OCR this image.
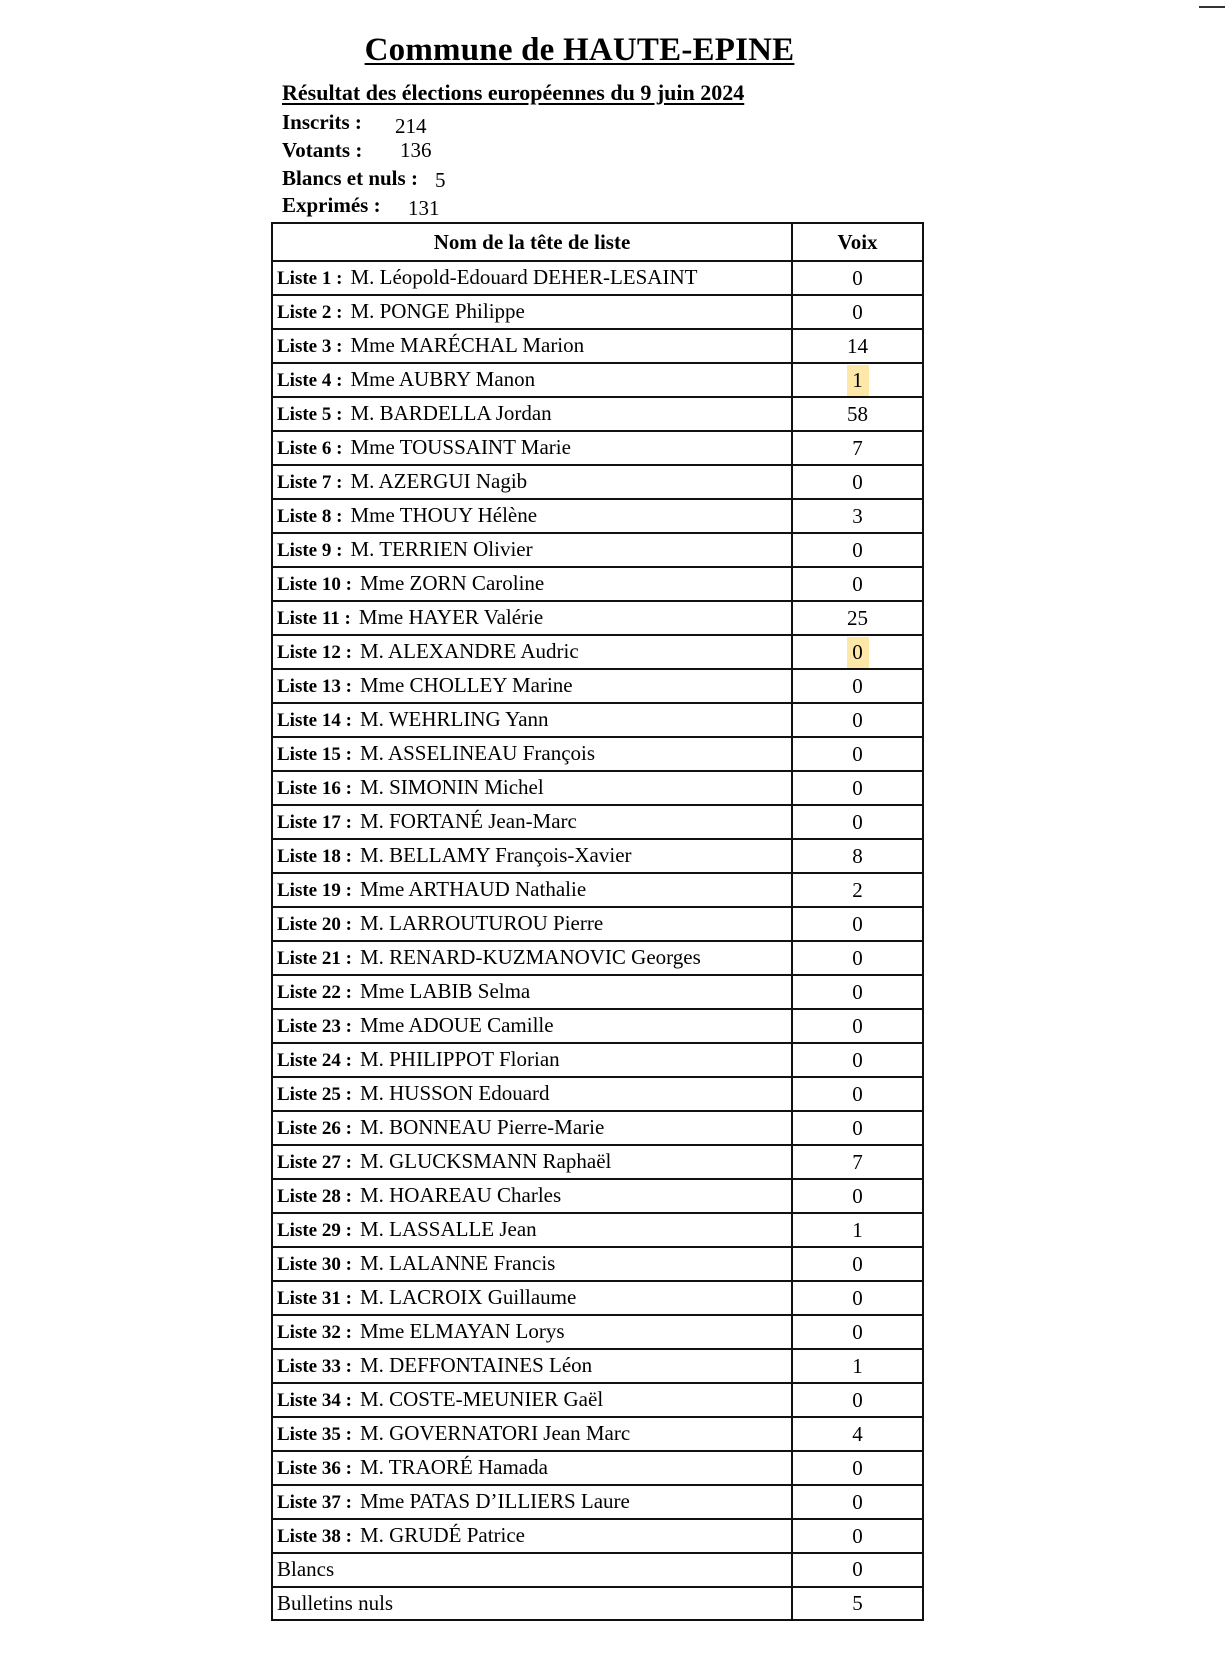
Commune de HAUTE-EPINE
Résultat des élections européennes du 9 juin 2024
Inscrits : 214
Votants : 136
Blancs et nuls : 5
Exprimés : 131
Nom de la tête de liste	Voix
Liste 1 : M. Léopold-Edouard DEHER-LESAINT	0
Liste 2 : M. PONGE Philippe	0
Liste 3 : Mme MARÉCHAL Marion	14
Liste 4 : Mme AUBRY Manon	1
Liste 5 : M. BARDELLA Jordan	58
Liste 6 : Mme TOUSSAINT Marie	7
Liste 7 : M. AZERGUI Nagib	0
Liste 8 : Mme THOUY Hélène	3
Liste 9 : M. TERRIEN Olivier	0
Liste 10 : Mme ZORN Caroline	0
Liste 11 : Mme HAYER Valérie	25
Liste 12 : M. ALEXANDRE Audric	0
Liste 13 : Mme CHOLLEY Marine	0
Liste 14 : M. WEHRLING Yann	0
Liste 15 : M. ASSELINEAU François	0
Liste 16 : M. SIMONIN Michel	0
Liste 17 : M. FORTANÉ Jean-Marc	0
Liste 18 : M. BELLAMY François-Xavier	8
Liste 19 : Mme ARTHAUD Nathalie	2
Liste 20 : M. LARROUTUROU Pierre	0
Liste 21 : M. RENARD-KUZMANOVIC Georges	0
Liste 22 : Mme LABIB Selma	0
Liste 23 : Mme ADOUE Camille	0
Liste 24 : M. PHILIPPOT Florian	0
Liste 25 : M. HUSSON Edouard	0
Liste 26 : M. BONNEAU Pierre-Marie	0
Liste 27 : M. GLUCKSMANN Raphaël	7
Liste 28 : M. HOAREAU Charles	0
Liste 29 : M. LASSALLE Jean	1
Liste 30 : M. LALANNE Francis	0
Liste 31 : M. LACROIX Guillaume	0
Liste 32 : Mme ELMAYAN Lorys	0
Liste 33 : M. DEFFONTAINES Léon	1
Liste 34 : M. COSTE-MEUNIER Gaël	0
Liste 35 : M. GOVERNATORI Jean Marc	4
Liste 36 : M. TRAORÉ Hamada	0
Liste 37 : Mme PATAS D’ILLIERS Laure	0
Liste 38 : M. GRUDÉ Patrice	0
Blancs	0
Bulletins nuls	5
